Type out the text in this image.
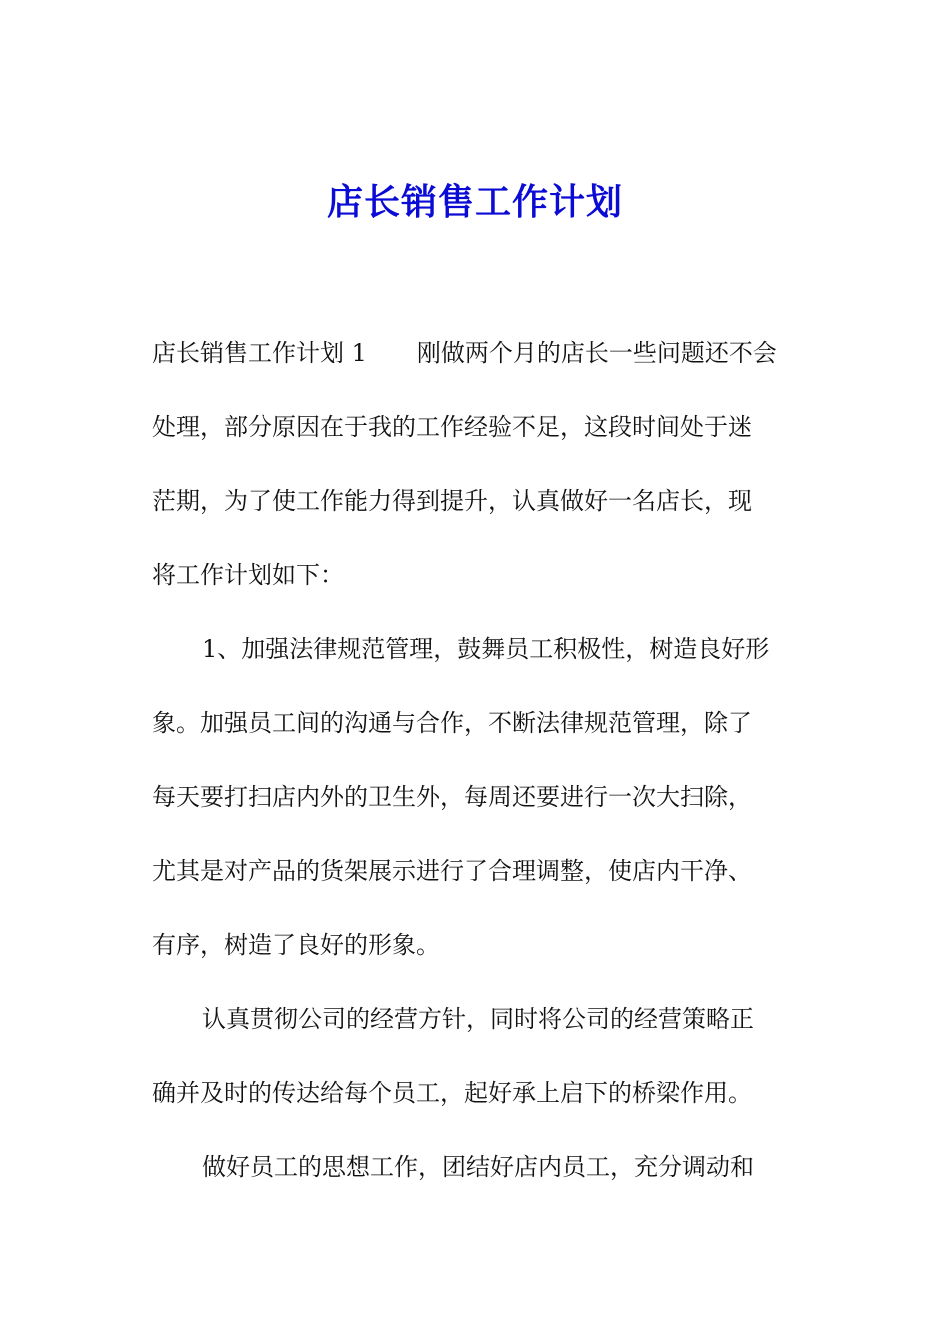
店长销售工作计划
店长销售工作计划 1 刚做两个月的店长一些问题还不会
处理，部分原因在于我的工作经验不足，这段时间处于迷
茫期，为了使工作能力得到提升，认真做好一名店长，现
将工作计划如下：
1、加强法律规范管理，鼓舞员工积极性，树造良好形
象。加强员工间的沟通与合作，不断法律规范管理，除了
每天要打扫店内外的卫生外，每周还要进行一次大扫除，
尤其是对产品的货架展示进行了合理调整，使店内干净、
有序，树造了良好的形象。
认真贯彻公司的经营方针，同时将公司的经营策略正
确并及时的传达给每个员工，起好承上启下的桥梁作用。
做好员工的思想工作，团结好店内员工，充分调动和
